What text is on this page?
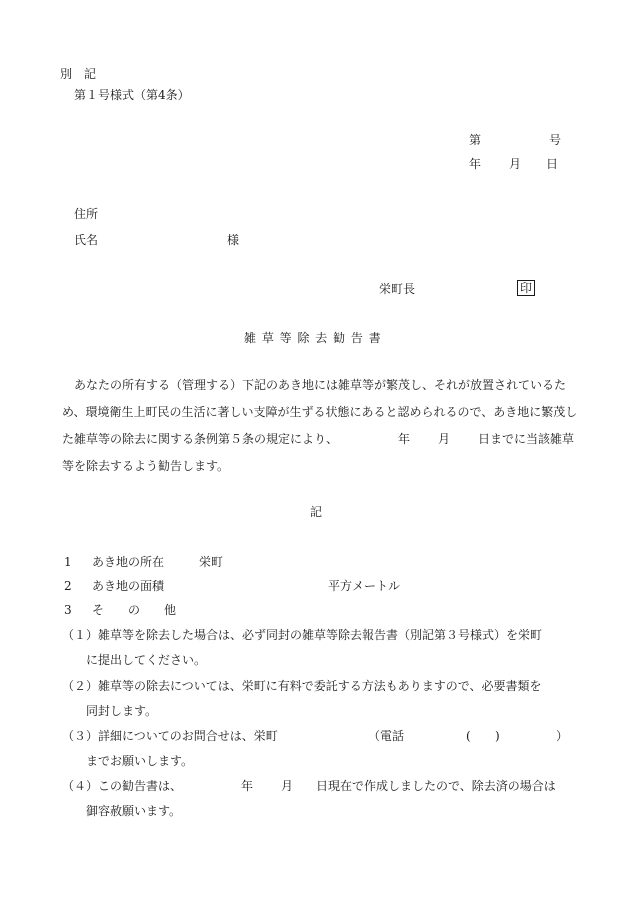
別　記
第１号様式（第4条）
第	号
年 月 日
住所
氏名	様
栄町長	印
雑 草 等 除 去 勧 告 書

　あなたの所有する（管理する）下記のあき地には雑草等が繁茂し、それが放置されているため、環境衛生上町民の生活に著しい支障が生ずる状態にあると認められるので、あき地に繁茂した雑草等の除去に関する条例第５条の規定により、	年 月 日までに当該雑草等を除去するよう勧告します。

記
1 あき地の所在	栄町
2 あき地の面積	平方メートル
3 そ　　の　　他
（１）雑草等を除去した場合は、必ず同封の雑草等除去報告書（別記第３号様式）を栄町
に提出してください。
（２）雑草等の除去については、栄町に有料で委託する方法もありますので、必要書類を
同封します。
（３）詳細についてのお問合せは、栄町	（電話	( )	）
までお願いします。
（４）この勧告書は、	年 月 日現在で作成しましたので、除去済の場合は
御容赦願います。
